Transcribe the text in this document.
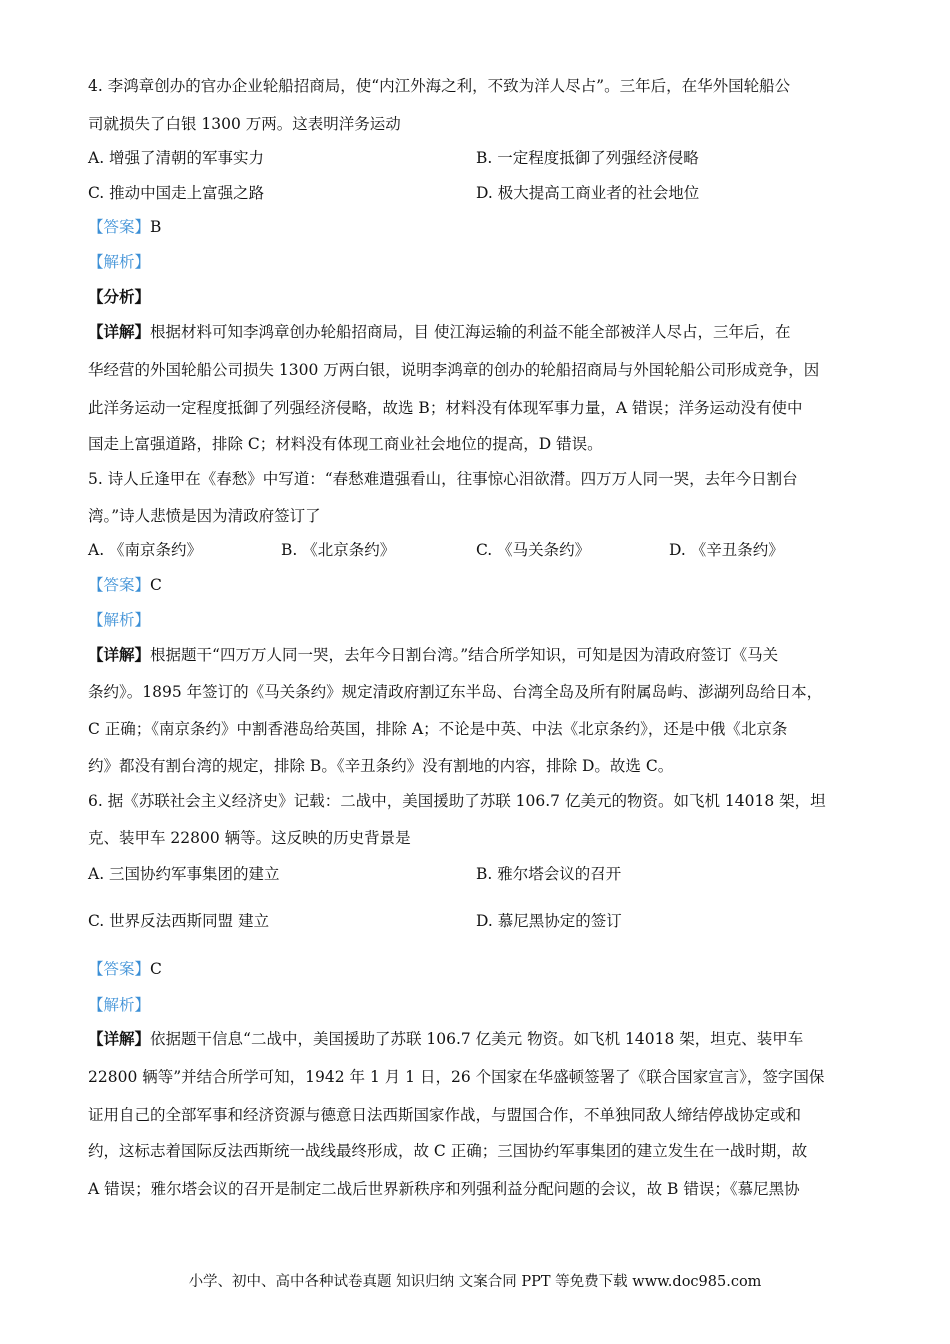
4. 李鸿章创办的官办企业轮船招商局，使“内江外海之利，不致为洋人尽占”。三年后，在华外国轮船公
司就损失了白银 1300 万两。这表明洋务运动
A. 增强了清朝的军事实力	B. 一定程度抵御了列强经济侵略
C. 推动中国走上富强之路	D. 极大提高工商业者的社会地位
【答案】B
【解析】
【分析】
【详解】根据材料可知李鸿章创办轮船招商局，目 使江海运输的利益不能全部被洋人尽占，三年后，在
华经营的外国轮船公司损失 1300 万两白银，说明李鸿章的创办的轮船招商局与外国轮船公司形成竞争，因
此洋务运动一定程度抵御了列强经济侵略，故选 B；材料没有体现军事力量，A 错误；洋务运动没有使中
国走上富强道路，排除 C；材料没有体现工商业社会地位的提高，D 错误。
5. 诗人丘逢甲在《春愁》中写道：“春愁难遣强看山，往事惊心泪欲潸。四万万人同一哭，去年今日割台
湾。”诗人悲愤是因为清政府签订了
A. 《南京条约》	B. 《北京条约》	C. 《马关条约》	D. 《辛丑条约》
【答案】C
【解析】
【详解】根据题干“四万万人同一哭，去年今日割台湾。”结合所学知识，可知是因为清政府签订《马关
条约》。1895 年签订的《马关条约》规定清政府割辽东半岛、台湾全岛及所有附属岛屿、澎湖列岛给日本，
C 正确；《南京条约》中割香港岛给英国，排除 A；不论是中英、中法《北京条约》，还是中俄《北京条
约》都没有割台湾的规定，排除 B。《辛丑条约》没有割地的内容，排除 D。故选 C。
6. 据《苏联社会主义经济史》记载：二战中，美国援助了苏联 106.7 亿美元的物资。如飞机 14018 架，坦
克、装甲车 22800 辆等。这反映的历史背景是
A. 三国协约军事集团的建立	B. 雅尔塔会议的召开
C. 世界反法西斯同盟 建立	D. 慕尼黑协定的签订
【答案】C
【解析】
【详解】依据题干信息“二战中，美国援助了苏联 106.7 亿美元 物资。如飞机 14018 架，坦克、装甲车
22800 辆等”并结合所学可知，1942 年 1 月 1 日，26 个国家在华盛顿签署了《联合国家宣言》，签字国保
证用自己的全部军事和经济资源与德意日法西斯国家作战，与盟国合作，不单独同敌人缔结停战协定或和
约，这标志着国际反法西斯统一战线最终形成，故 C 正确；三国协约军事集团的建立发生在一战时期，故
A 错误；雅尔塔会议的召开是制定二战后世界新秩序和列强利益分配问题的会议，故 B 错误；《慕尼黑协
小学、初中、高中各种试卷真题 知识归纳 文案合同 PPT 等免费下载 www.doc985.com
